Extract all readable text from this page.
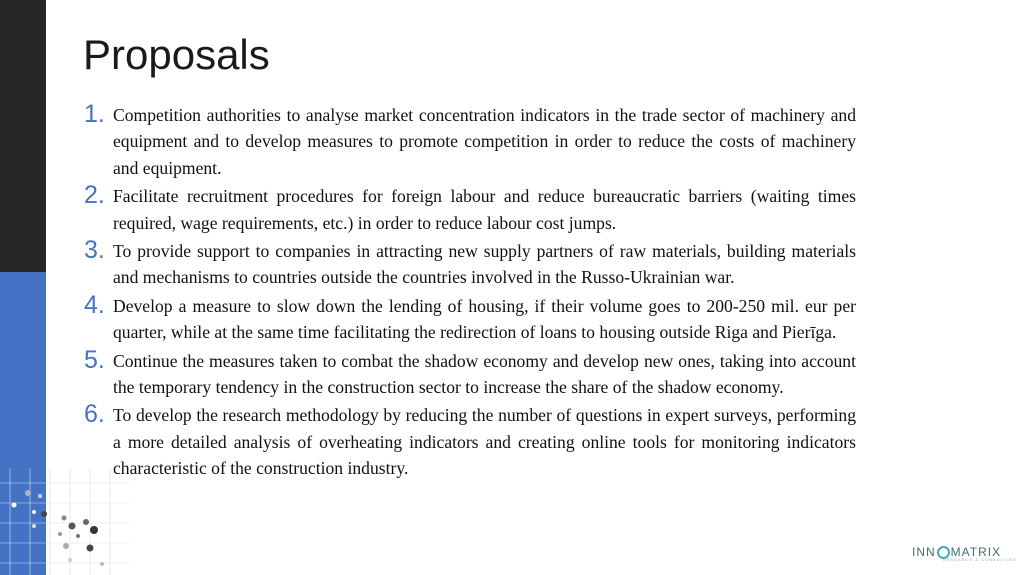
Proposals
1. Competition authorities to analyse market concentration indicators in the trade sector of machinery and equipment and to develop measures to promote competition in order to reduce the costs of machinery and equipment.
2. Facilitate recruitment procedures for foreign labour and reduce bureaucratic barriers (waiting times required, wage requirements, etc.) in order to reduce labour cost jumps.
3. To provide support to companies in attracting new supply partners of raw materials, building materials and mechanisms to countries outside the countries involved in the Russo-Ukrainian war.
4. Develop a measure to slow down the lending of housing, if their volume goes to 200-250 mil. eur per quarter, while at the same time facilitating the redirection of loans to housing outside Riga and Pierīga.
5. Continue the measures taken to combat the shadow economy and develop new ones, taking into account the temporary tendency in the construction sector to increase the share of the shadow economy.
6. To develop the research methodology by reducing the number of questions in expert surveys, performing a more detailed analysis of overheating indicators and creating online tools for monitoring indicators characteristic of the construction industry.
INN MATRIX
RESEARCH & CONSULTING
